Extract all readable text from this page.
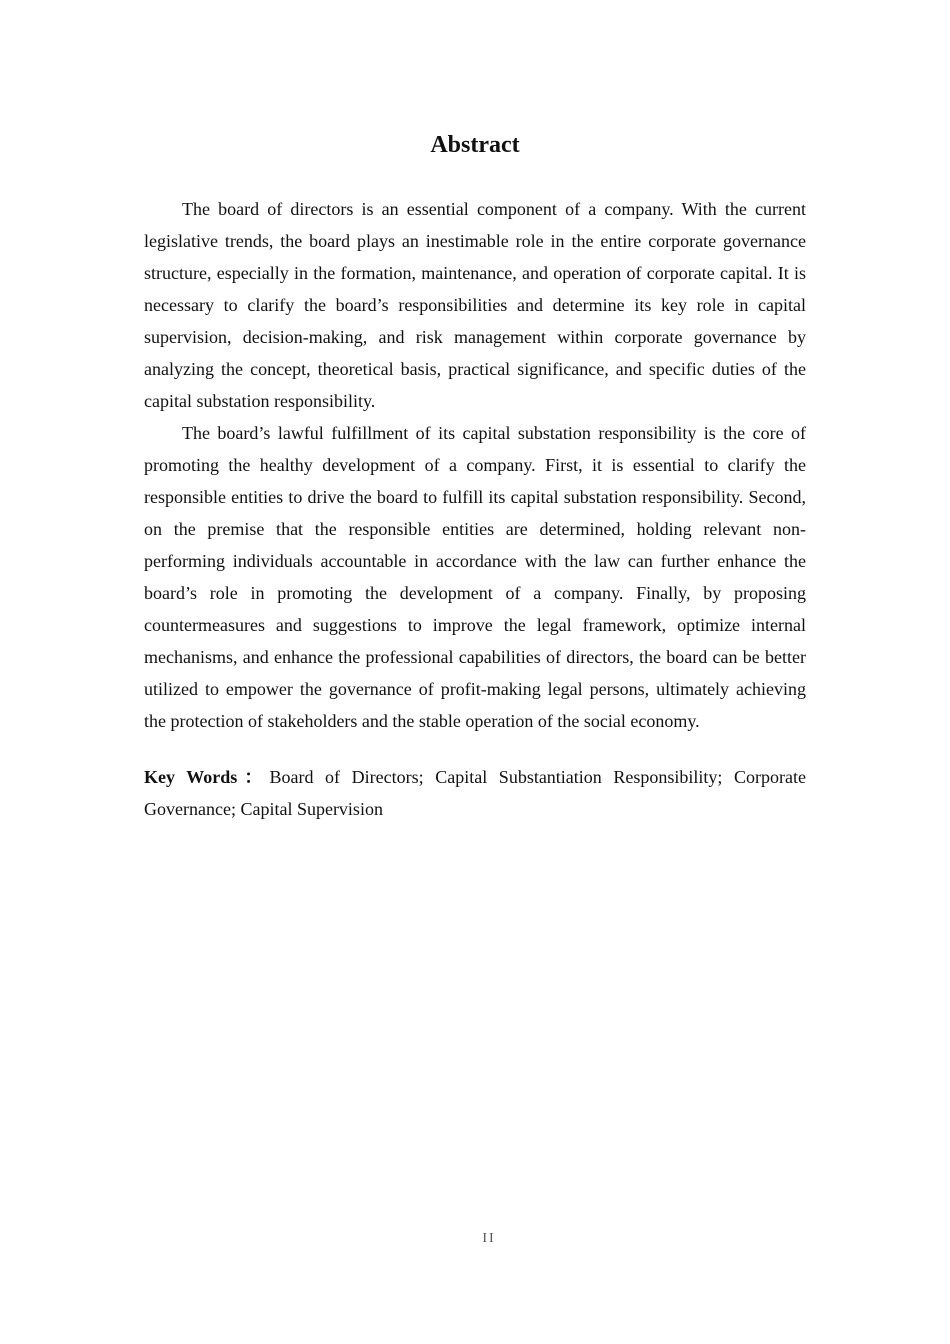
Abstract

The board of directors is an essential component of a company. With the current legislative trends, the board plays an inestimable role in the entire corporate governance structure, especially in the formation, maintenance, and operation of corporate capital. It is necessary to clarify the board’s responsibilities and determine its key role in capital supervision, decision-making, and risk management within corporate governance by analyzing the concept, theoretical basis, practical significance, and specific duties of the capital substation responsibility.

The board’s lawful fulfillment of its capital substation responsibility is the core of promoting the healthy development of a company. First, it is essential to clarify the responsible entities to drive the board to fulfill its capital substation responsibility. Second, on the premise that the responsible entities are determined, holding relevant non-performing individuals accountable in accordance with the law can further enhance the board’s role in promoting the development of a company. Finally, by proposing countermeasures and suggestions to improve the legal framework, optimize internal mechanisms, and enhance the professional capabilities of directors, the board can be better utilized to empower the governance of profit-making legal persons, ultimately achieving the protection of stakeholders and the stable operation of the social economy.

Key Words：Board of Directors; Capital Substantiation Responsibility; Corporate Governance; Capital Supervision

II
